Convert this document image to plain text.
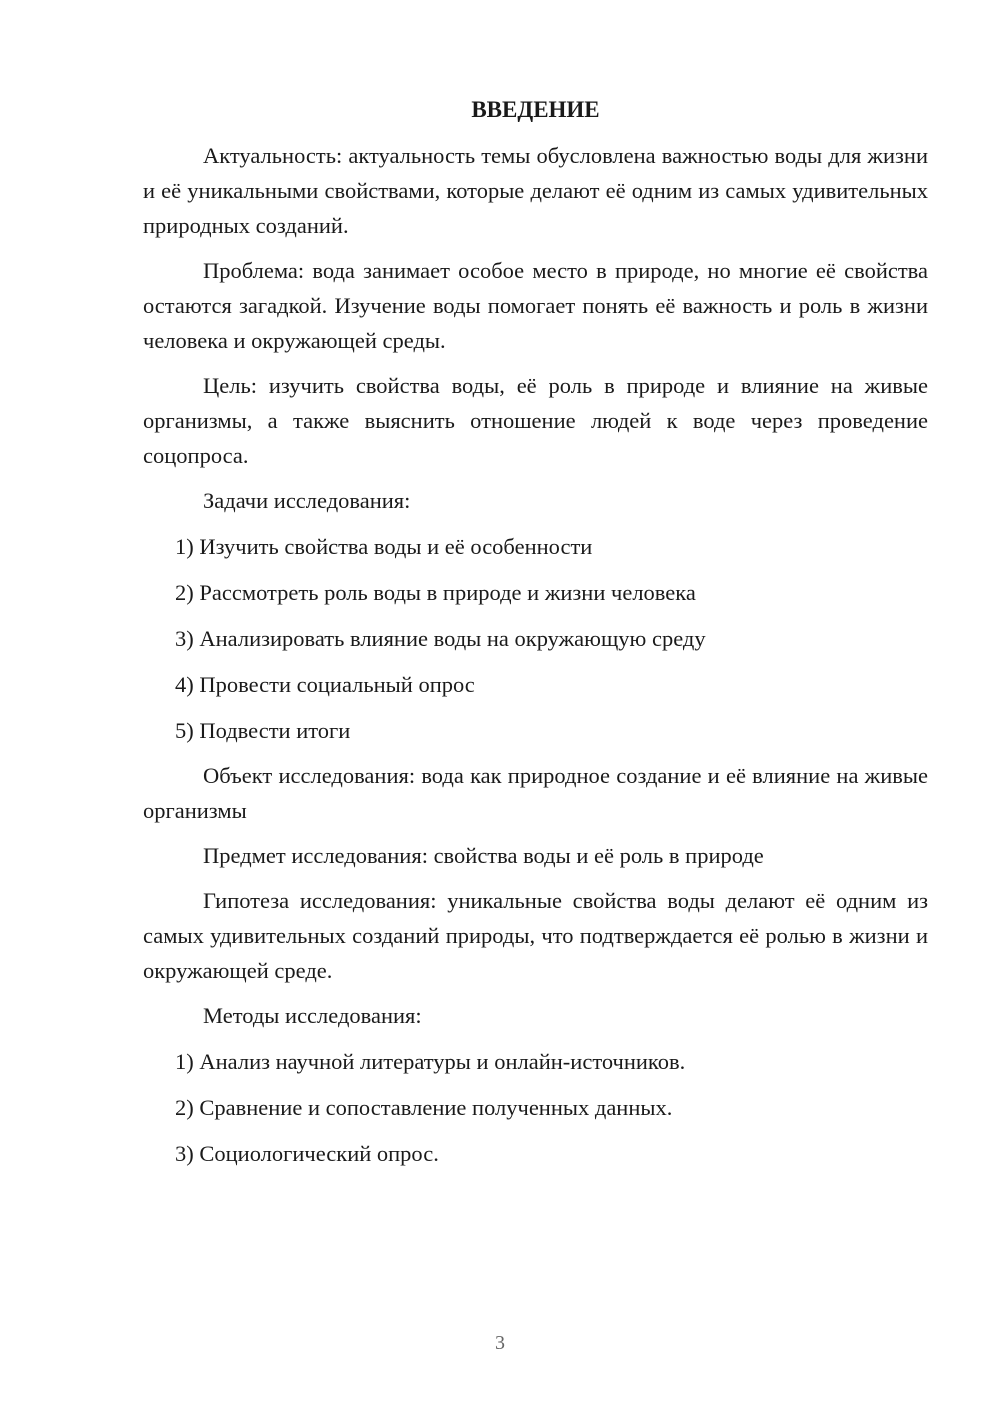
ВВЕДЕНИЕ

Актуальность: актуальность темы обусловлена важностью воды для жизни и её уникальными свойствами, которые делают её одним из самых удивительных природных созданий.

Проблема: вода занимает особое место в природе, но многие её свойства остаются загадкой. Изучение воды помогает понять её важность и роль в жизни человека и окружающей среды.

Цель: изучить свойства воды, её роль в природе и влияние на живые организмы, а также выяснить отношение людей к воде через проведение соцопроса.

Задачи исследования:

1) Изучить свойства воды и её особенности
2) Рассмотреть роль воды в природе и жизни человека
3) Анализировать влияние воды на окружающую среду
4) Провести социальный опрос
5) Подвести итоги

Объект исследования: вода как природное создание и её влияние на живые организмы

Предмет исследования: свойства воды и её роль в природе

Гипотеза исследования: уникальные свойства воды делают её одним из самых удивительных созданий природы, что подтверждается её ролью в жизни и окружающей среде.

Методы исследования:

1) Анализ научной литературы и онлайн-источников.
2) Сравнение и сопоставление полученных данных.
3) Социологический опрос.
3
